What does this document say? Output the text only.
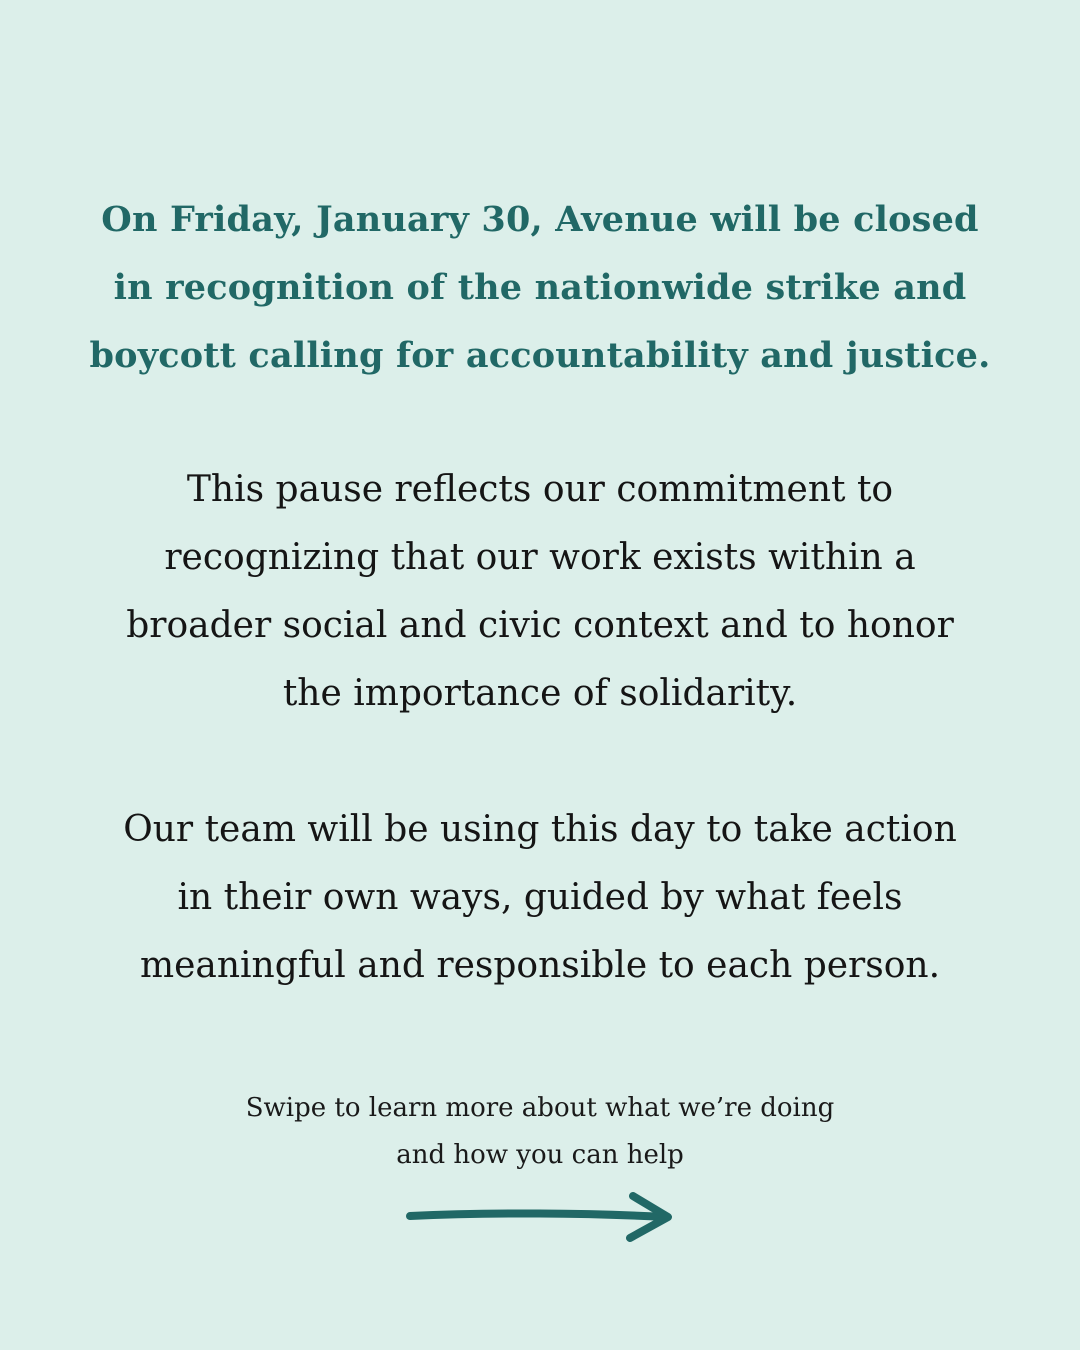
On Friday, January 30, Avenue will be closed
in recognition of the nationwide strike and
boycott calling for accountability and justice.
This pause reflects our commitment to
recognizing that our work exists within a
broader social and civic context and to honor
the importance of solidarity.
Our team will be using this day to take action
in their own ways, guided by what feels
meaningful and responsible to each person.
Swipe to learn more about what we’re doing
and how you can help
